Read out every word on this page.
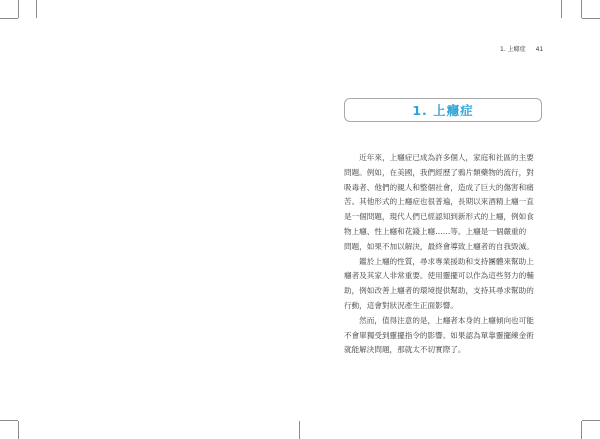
1. 上癮症 41
1. 上癮症
　　近年來，上癮症已成為許多個人，家庭和社區的主要
問題。例如，在美國，我們經歷了鴉片類藥物的流行，對
吸毒者、他們的親人和整個社會，造成了巨大的傷害和痛
苦。其他形式的上癮症也很普遍，長期以來酒精上癮一直
是一個問題，現代人們已經認知到新形式的上癮，例如食
物上癮、性上癮和花錢上癮……等。上癮是一個嚴重的
問題，如果不加以解決，最終會導致上癮者的自我毀滅。
　　鑑於上癮的性質，尋求專業援助和支持團體來幫助上
癮者及其家人非常重要。使用靈擺可以作為這些努力的輔
助，例如改善上癮者的環境提供幫助，支持其尋求幫助的
行動，這會對狀況產生正面影響。
　　然而，值得注意的是，上癮者本身的上癮傾向也可能
不會單獨受到靈擺指令的影響。如果認為單靠靈擺練金術
就能解決問題，那就太不切實際了。
